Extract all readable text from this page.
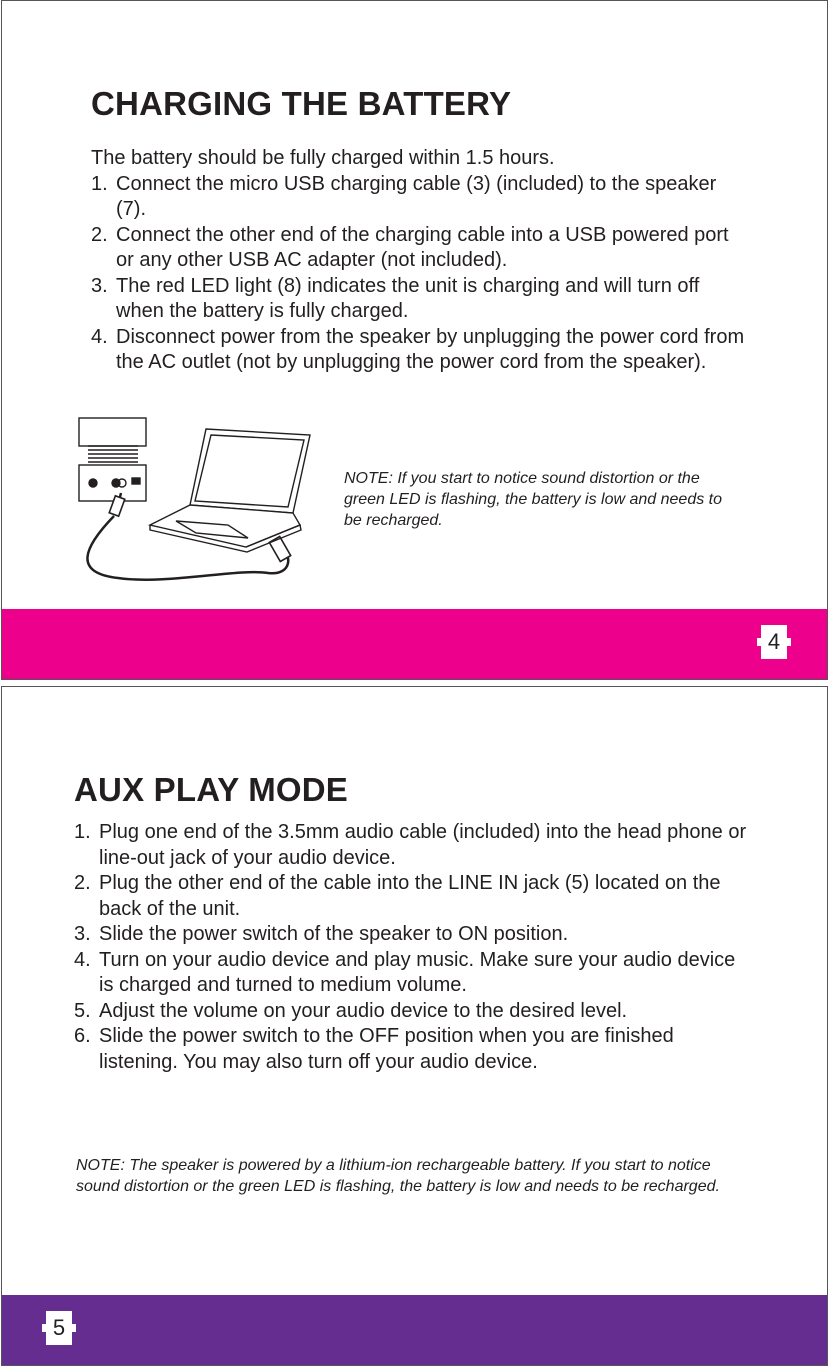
CHARGING THE BATTERY

The battery should be fully charged within 1.5 hours.

1. Connect the micro USB charging cable (3) (included) to the speaker (7).
2. Connect the other end of the charging cable into a USB powered port or any other USB AC adapter (not included).
3. The red LED light (8) indicates the unit is charging and will turn off when the battery is fully charged.
4. Disconnect power from the speaker by unplugging the power cord from the AC outlet (not by unplugging the power cord from the speaker).

NOTE: If you start to notice sound distortion or the green LED is flashing, the battery is low and needs to be recharged.

4
AUX PLAY MODE
1. Plug one end of the 3.5mm audio cable (included) into the head phone or line-out jack of your audio device.
2. Plug the other end of the cable into the LINE IN jack (5) located on the back of the unit.
3. Slide the power switch of the speaker to ON position.
4. Turn on your audio device and play music. Make sure your audio device is charged and turned to medium volume.
5. Adjust the volume on your audio device to the desired level.
6. Slide the power switch to the OFF position when you are finished listening. You may also turn off your audio device.

NOTE: The speaker is powered by a lithium-ion rechargeable battery. If you start to notice sound distortion or the green LED is flashing, the battery is low and needs to be recharged.

5
